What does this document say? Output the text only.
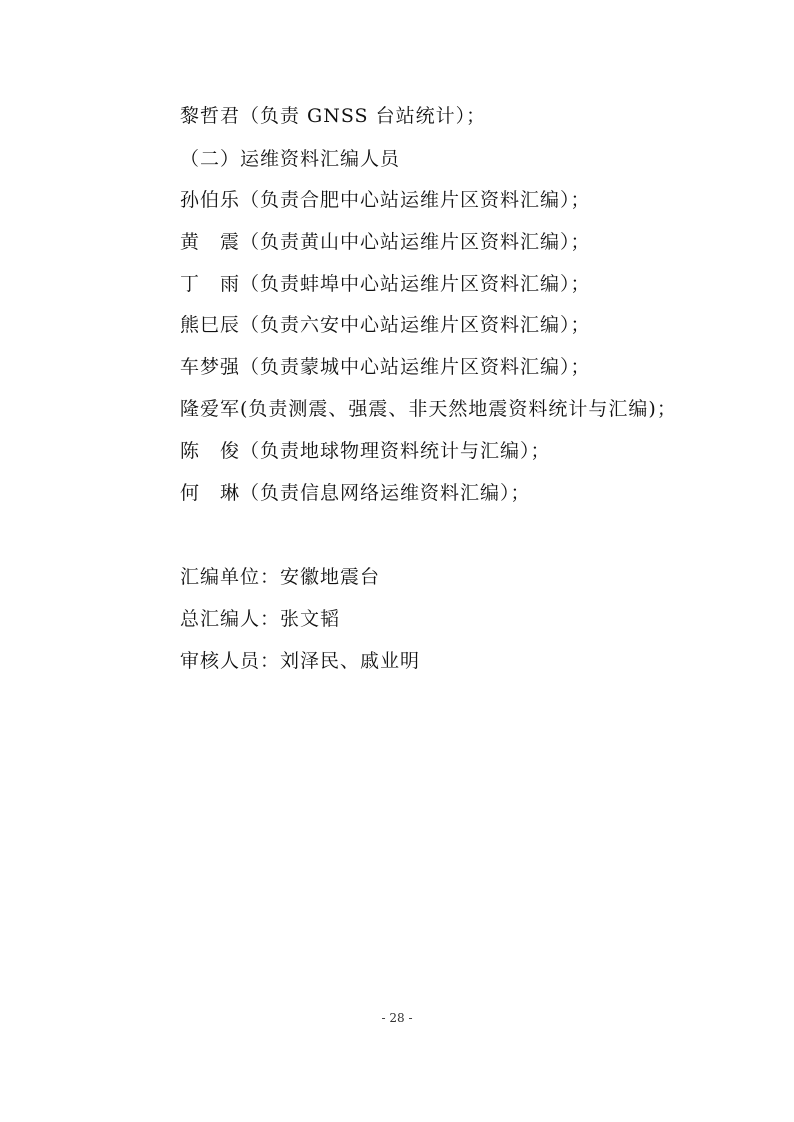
黎哲君（负责 GNSS 台站统计）；
（二）运维资料汇编人员
孙伯乐（负责合肥中心站运维片区资料汇编）；
黄　震（负责黄山中心站运维片区资料汇编）；
丁　雨（负责蚌埠中心站运维片区资料汇编）；
熊巳辰（负责六安中心站运维片区资料汇编）；
车梦强（负责蒙城中心站运维片区资料汇编）；
隆爱军(负责测震、强震、非天然地震资料统计与汇编)；
陈　俊（负责地球物理资料统计与汇编）；
何　琳（负责信息网络运维资料汇编）；
汇编单位：安徽地震台
总汇编人：张文韬
审核人员：刘泽民、戚业明
- 28 -
